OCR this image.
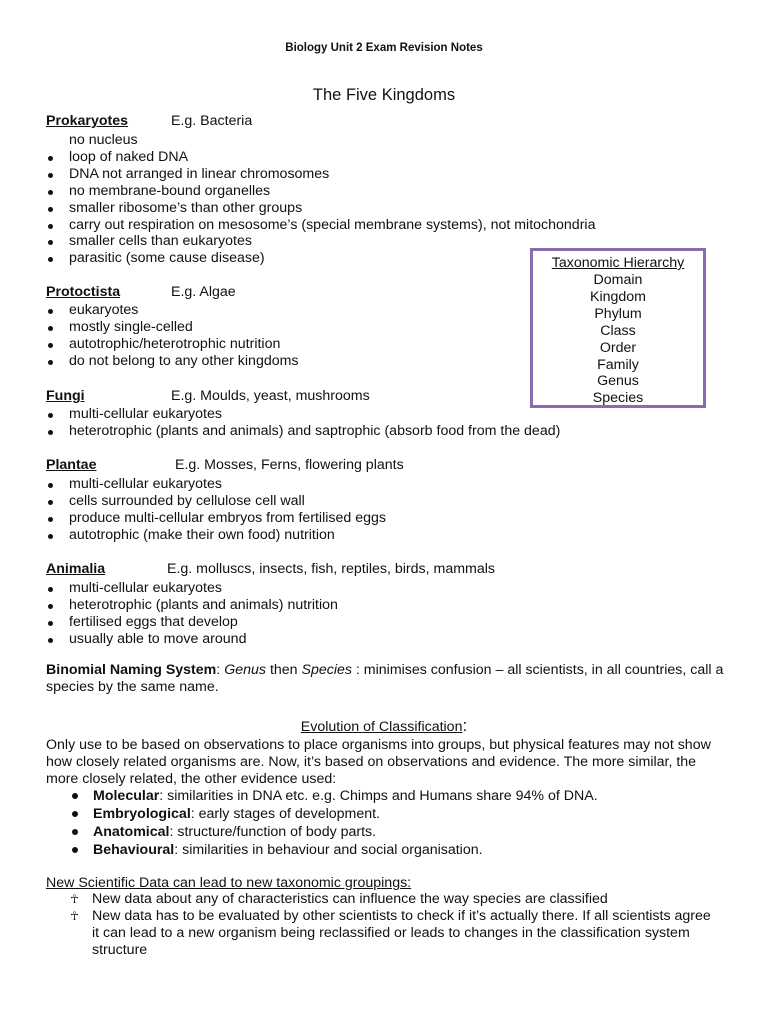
Biology Unit 2 Exam Revision Notes
The Five Kingdoms
Prokaryotes	E.g. Bacteria
no nucleus
loop of naked DNA
DNA not arranged in linear chromosomes
no membrane-bound organelles
smaller ribosome’s than other groups
carry out respiration on mesosome’s (special membrane systems), not mitochondria
smaller cells than eukaryotes
parasitic (some cause disease)	Taxonomic Hierarchy
Domain
Kingdom
Phylum
Class
Order
Family
Genus
Species
Protoctista	E.g. Algae
eukaryotes
mostly single-celled
autotrophic/heterotrophic nutrition
do not belong to any other kingdoms
Fungi	E.g. Moulds, yeast, mushrooms
multi-cellular eukaryotes
heterotrophic (plants and animals) and saptrophic (absorb food from the dead)
Plantae	E.g. Mosses, Ferns, flowering plants
multi-cellular eukaryotes
cells surrounded by cellulose cell wall
produce multi-cellular embryos from fertilised eggs
autotrophic (make their own food) nutrition
Animalia	E.g. molluscs, insects, fish, reptiles, birds, mammals
multi-cellular eukaryotes
heterotrophic (plants and animals) nutrition
fertilised eggs that develop
usually able to move around
Binomial Naming System: Genus then Species : minimises confusion – all scientists, in all countries, call a species by the same name.
Evolution of Classification:
Only use to be based on observations to place organisms into groups, but physical features may not show how closely related organisms are. Now, it’s based on observations and evidence. The more similar, the more closely related, the other evidence used:
Molecular: similarities in DNA etc. e.g. Chimps and Humans share 94% of DNA.
Embryological: early stages of development.
Anatomical: structure/function of body parts.
Behavioural: similarities in behaviour and social organisation.
New Scientific Data can lead to new taxonomic groupings:
☥ New data about any of characteristics can influence the way species are classified
☥ New data has to be evaluated by other scientists to check if it’s actually there. If all scientists agree it can lead to a new organism being reclassified or leads to changes in the classification system structure
